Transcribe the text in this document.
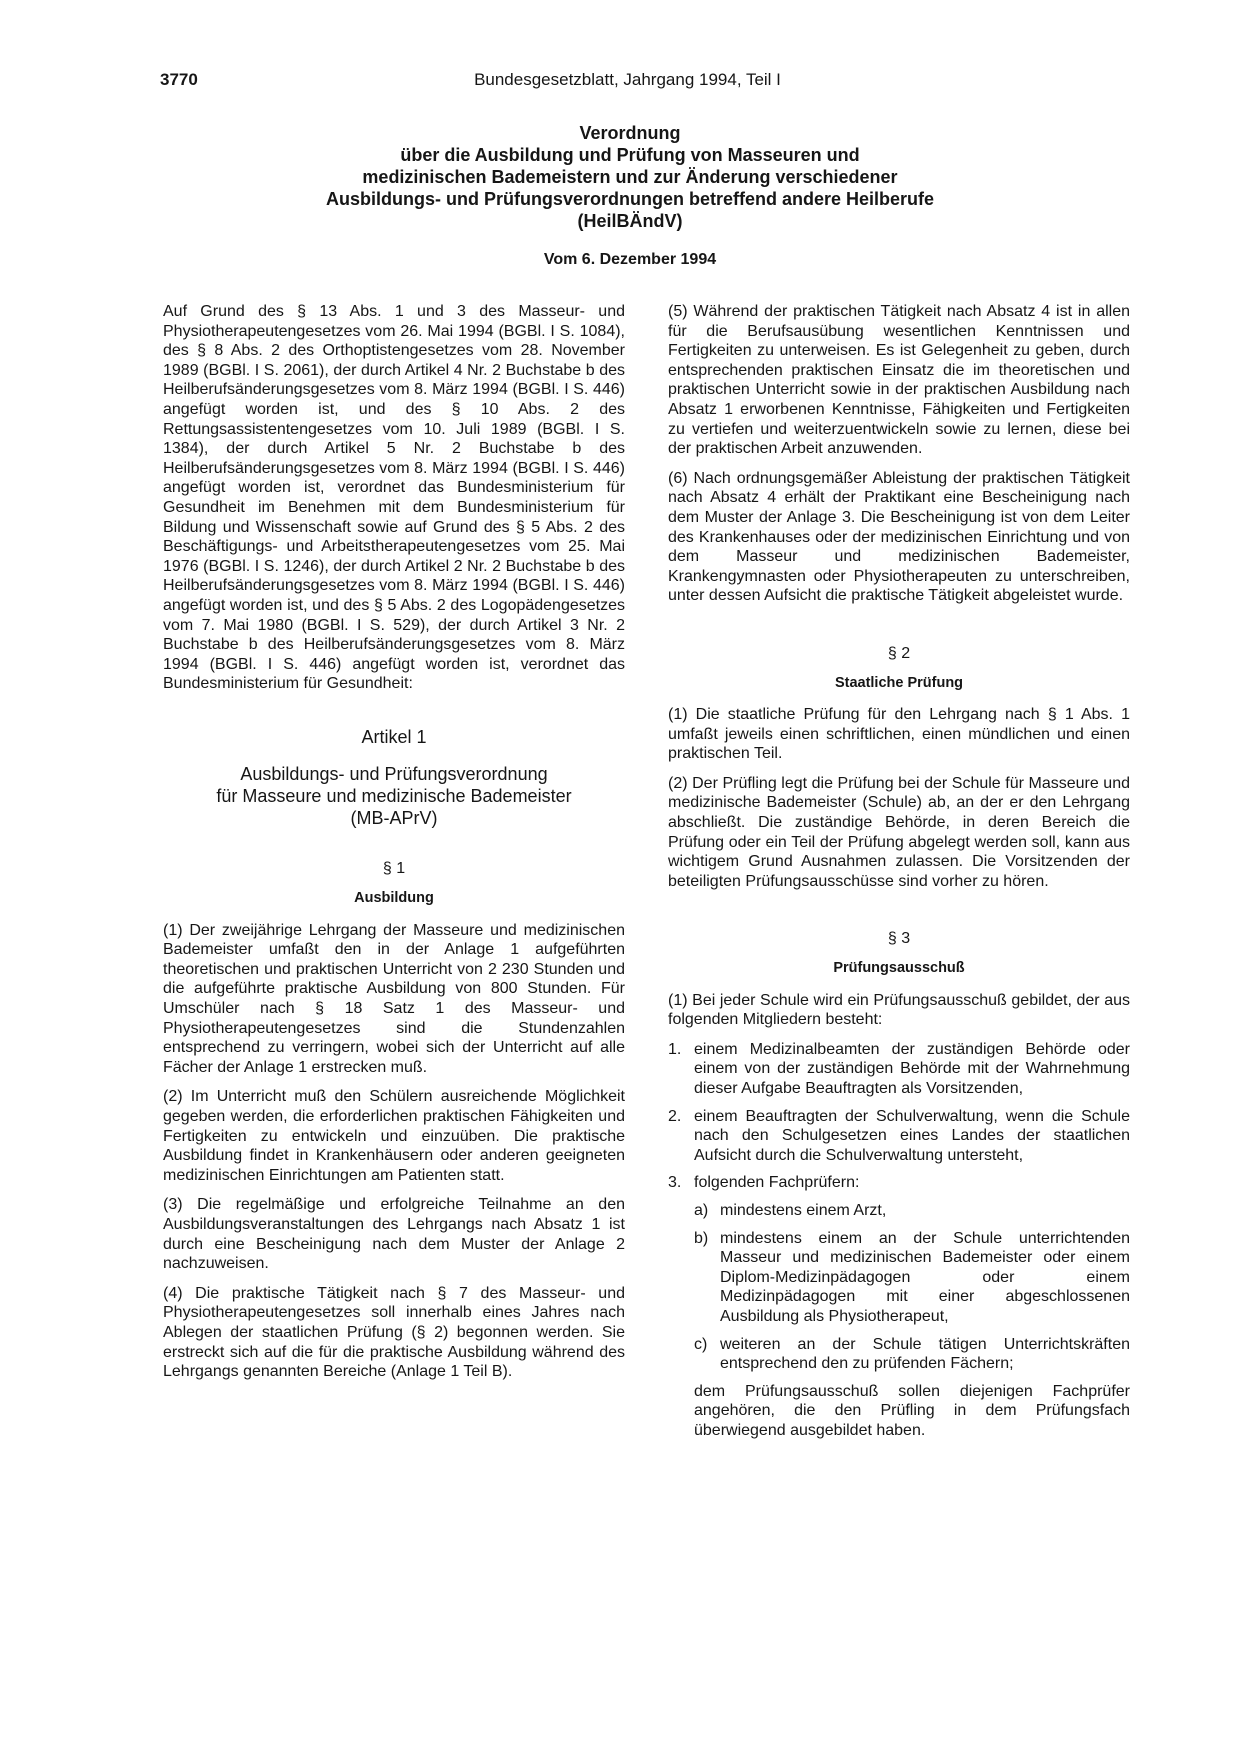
3770	Bundesgesetzblatt, Jahrgang 1994, Teil I
Verordnung
über die Ausbildung und Prüfung von Masseuren und
medizinischen Bademeistern und zur Änderung verschiedener
Ausbildungs- und Prüfungsverordnungen betreffend andere Heilberufe
(HeilBÄndV)
Vom 6. Dezember 1994

Auf Grund des § 13 Abs. 1 und 3 des Masseur- und Physiotherapeutengesetzes vom 26. Mai 1994 (BGBl. I S. 1084), des § 8 Abs. 2 des Orthoptistengesetzes vom 28. November 1989 (BGBl. I S. 2061), der durch Artikel 4 Nr. 2 Buchstabe b des Heilberufsänderungsgesetzes vom 8. März 1994 (BGBl. I S. 446) angefügt worden ist, und des § 10 Abs. 2 des Rettungsassistentengesetzes vom 10. Juli 1989 (BGBl. I S. 1384), der durch Artikel 5 Nr. 2 Buchstabe b des Heilberufsänderungsgesetzes vom 8. März 1994 (BGBl. I S. 446) angefügt worden ist, verordnet das Bundesministerium für Gesundheit im Benehmen mit dem Bundesministerium für Bildung und Wissenschaft sowie auf Grund des § 5 Abs. 2 des Beschäftigungs- und Arbeitstherapeutengesetzes vom 25. Mai 1976 (BGBl. I S. 1246), der durch Artikel 2 Nr. 2 Buchstabe b des Heilberufsänderungsgesetzes vom 8. März 1994 (BGBl. I S. 446) angefügt worden ist, und des § 5 Abs. 2 des Logopädengesetzes vom 7. Mai 1980 (BGBl. I S. 529), der durch Artikel 3 Nr. 2 Buchstabe b des Heilberufsänderungsgesetzes vom 8. März 1994 (BGBl. I S. 446) angefügt worden ist, verordnet das Bundesministerium für Gesundheit:

Artikel 1
Ausbildungs- und Prüfungsverordnung
für Masseure und medizinische Bademeister
(MB-APrV)
§ 1
Ausbildung

(1) Der zweijährige Lehrgang der Masseure und medizinischen Bademeister umfaßt den in der Anlage 1 aufgeführten theoretischen und praktischen Unterricht von 2 230 Stunden und die aufgeführte praktische Ausbildung von 800 Stunden. Für Umschüler nach § 18 Satz 1 des Masseur- und Physiotherapeutengesetzes sind die Stundenzahlen entsprechend zu verringern, wobei sich der Unterricht auf alle Fächer der Anlage 1 erstrecken muß.

(2) Im Unterricht muß den Schülern ausreichende Möglichkeit gegeben werden, die erforderlichen praktischen Fähigkeiten und Fertigkeiten zu entwickeln und einzuüben. Die praktische Ausbildung findet in Krankenhäusern oder anderen geeigneten medizinischen Einrichtungen am Patienten statt.

(3) Die regelmäßige und erfolgreiche Teilnahme an den Ausbildungsveranstaltungen des Lehrgangs nach Absatz 1 ist durch eine Bescheinigung nach dem Muster der Anlage 2 nachzuweisen.

(4) Die praktische Tätigkeit nach § 7 des Masseur- und Physiotherapeutengesetzes soll innerhalb eines Jahres nach Ablegen der staatlichen Prüfung (§ 2) begonnen werden. Sie erstreckt sich auf die für die praktische Ausbildung während des Lehrgangs genannten Bereiche (Anlage 1 Teil B).

(5) Während der praktischen Tätigkeit nach Absatz 4 ist in allen für die Berufsausübung wesentlichen Kenntnissen und Fertigkeiten zu unterweisen. Es ist Gelegenheit zu geben, durch entsprechenden praktischen Einsatz die im theoretischen und praktischen Unterricht sowie in der praktischen Ausbildung nach Absatz 1 erworbenen Kenntnisse, Fähigkeiten und Fertigkeiten zu vertiefen und weiterzuentwickeln sowie zu lernen, diese bei der praktischen Arbeit anzuwenden.

(6) Nach ordnungsgemäßer Ableistung der praktischen Tätigkeit nach Absatz 4 erhält der Praktikant eine Bescheinigung nach dem Muster der Anlage 3. Die Bescheinigung ist von dem Leiter des Krankenhauses oder der medizinischen Einrichtung und von dem Masseur und medizinischen Bademeister, Krankengymnasten oder Physiotherapeuten zu unterschreiben, unter dessen Aufsicht die praktische Tätigkeit abgeleistet wurde.

§ 2
Staatliche Prüfung

(1) Die staatliche Prüfung für den Lehrgang nach § 1 Abs. 1 umfaßt jeweils einen schriftlichen, einen mündlichen und einen praktischen Teil.

(2) Der Prüfling legt die Prüfung bei der Schule für Masseure und medizinische Bademeister (Schule) ab, an der er den Lehrgang abschließt. Die zuständige Behörde, in deren Bereich die Prüfung oder ein Teil der Prüfung abgelegt werden soll, kann aus wichtigem Grund Ausnahmen zulassen. Die Vorsitzenden der beteiligten Prüfungsausschüsse sind vorher zu hören.

§ 3
Prüfungsausschuß

(1) Bei jeder Schule wird ein Prüfungsausschuß gebildet, der aus folgenden Mitgliedern besteht:

1. einem Medizinalbeamten der zuständigen Behörde oder einem von der zuständigen Behörde mit der Wahrnehmung dieser Aufgabe Beauftragten als Vorsitzenden,
2. einem Beauftragten der Schulverwaltung, wenn die Schule nach den Schulgesetzen eines Landes der staatlichen Aufsicht durch die Schulverwaltung untersteht,
3. folgenden Fachprüfern:
a) mindestens einem Arzt,
b) mindestens einem an der Schule unterrichtenden Masseur und medizinischen Bademeister oder einem Diplom-Medizinpädagogen oder einem Medizinpädagogen mit einer abgeschlossenen Ausbildung als Physiotherapeut,
c) weiteren an der Schule tätigen Unterrichtskräften entsprechend den zu prüfenden Fächern;
dem Prüfungsausschuß sollen diejenigen Fachprüfer angehören, die den Prüfling in dem Prüfungsfach überwiegend ausgebildet haben.
